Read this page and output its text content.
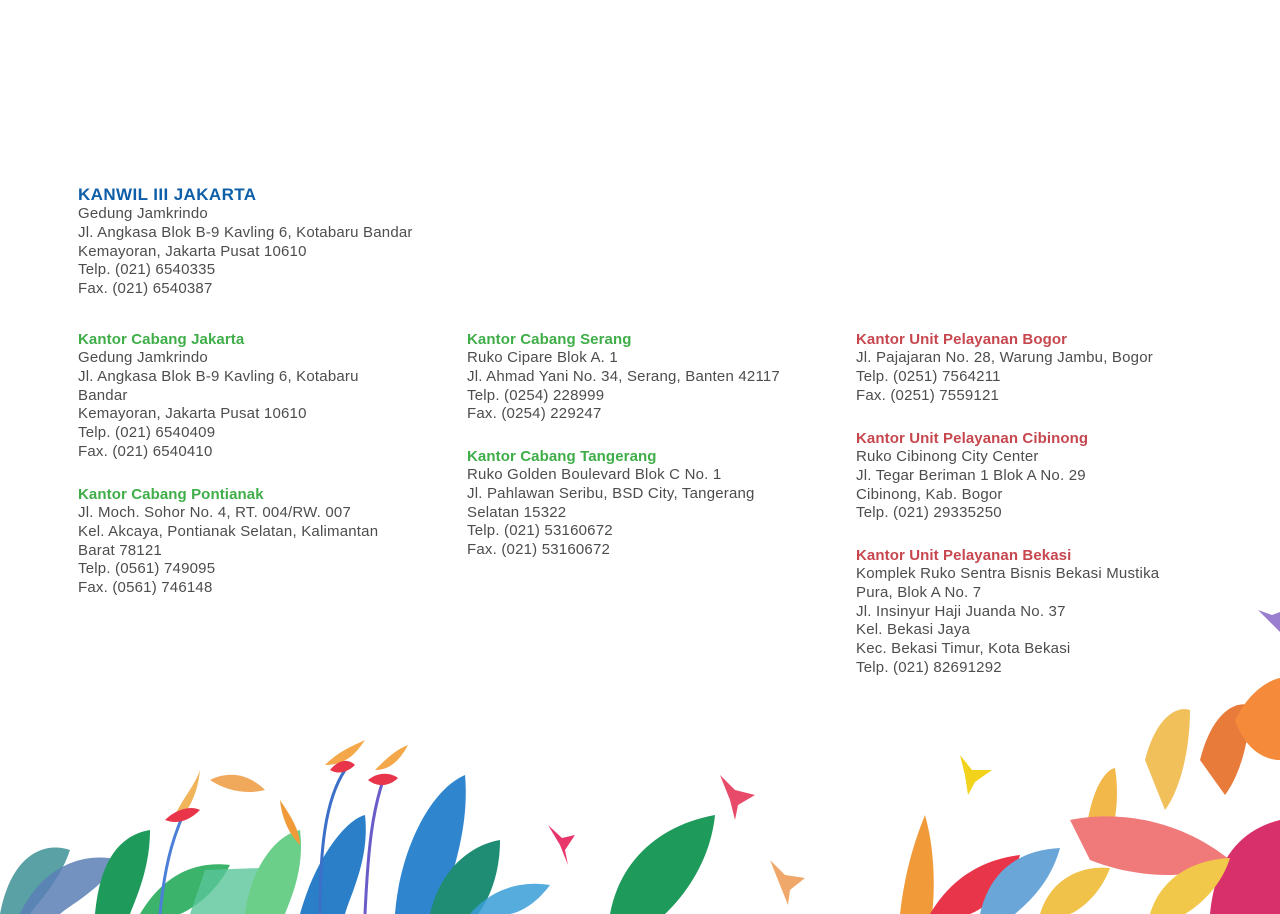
KANWIL III JAKARTA
Gedung Jamkrindo
Jl. Angkasa Blok B-9 Kavling 6, Kotabaru Bandar
Kemayoran, Jakarta Pusat 10610
Telp. (021) 6540335
Fax. (021) 6540387
Kantor Cabang Jakarta
Gedung Jamkrindo
Jl. Angkasa Blok B-9 Kavling 6, Kotabaru
Bandar
Kemayoran, Jakarta Pusat 10610
Telp. (021) 6540409
Fax. (021) 6540410
Kantor Cabang Pontianak
Jl. Moch. Sohor No. 4, RT. 004/RW. 007
Kel. Akcaya, Pontianak Selatan, Kalimantan
Barat 78121
Telp. (0561) 749095
Fax. (0561) 746148
Kantor Cabang Serang
Ruko Cipare Blok A. 1
Jl. Ahmad Yani No. 34, Serang, Banten 42117
Telp. (0254) 228999
Fax. (0254) 229247
Kantor Cabang Tangerang
Ruko Golden Boulevard Blok C No. 1
Jl. Pahlawan Seribu, BSD City, Tangerang
Selatan 15322
Telp. (021) 53160672
Fax. (021) 53160672
Kantor Unit Pelayanan Bogor
Jl. Pajajaran No. 28, Warung Jambu, Bogor
Telp. (0251) 7564211
Fax. (0251) 7559121
Kantor Unit Pelayanan Cibinong
Ruko Cibinong City Center
Jl. Tegar Beriman 1 Blok A No. 29
Cibinong, Kab. Bogor
Telp. (021) 29335250
Kantor Unit Pelayanan Bekasi
Komplek Ruko Sentra Bisnis Bekasi Mustika
Pura, Blok A No. 7
Jl. Insinyur Haji Juanda No. 37
Kel. Bekasi Jaya
Kec. Bekasi Timur, Kota Bekasi
Telp. (021) 82691292
